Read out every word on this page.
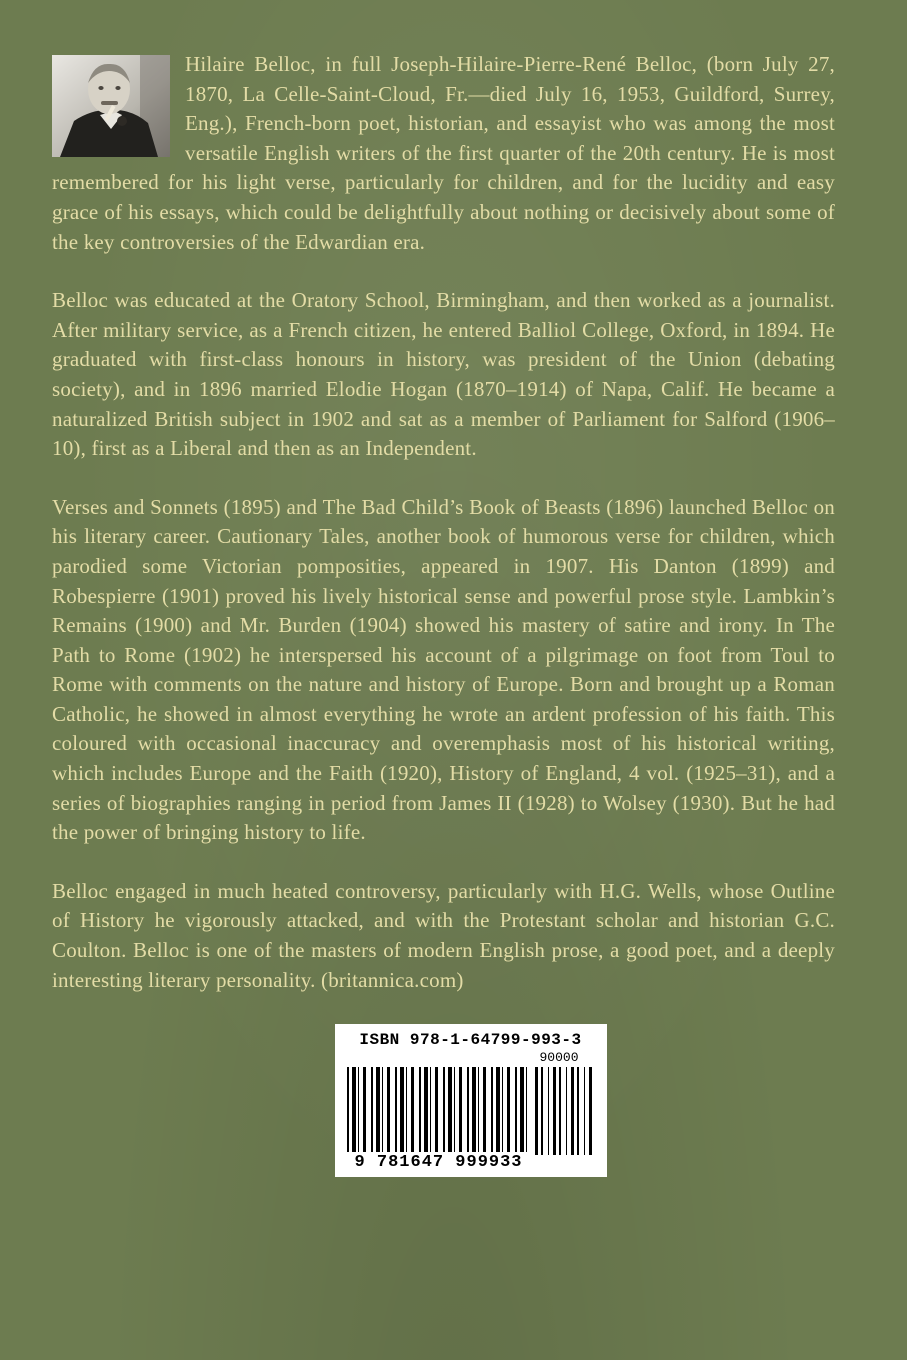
Hilaire Belloc, in full Joseph-Hilaire-Pierre-René Belloc, (born July 27, 1870, La Celle-Saint-Cloud, Fr.—died July 16, 1953, Guildford, Surrey, Eng.), French-born poet, historian, and essayist who was among the most versatile English writers of the first quarter of the 20th century. He is most remembered for his light verse, particularly for children, and for the lucidity and easy grace of his essays, which could be delightfully about nothing or decisively about some of the key controversies of the Edwardian era.

Belloc was educated at the Oratory School, Birmingham, and then worked as a journalist. After military service, as a French citizen, he entered Balliol College, Oxford, in 1894. He graduated with first-class honours in history, was president of the Union (debating society), and in 1896 married Elodie Hogan (1870–1914) of Napa, Calif. He became a naturalized British subject in 1902 and sat as a member of Parliament for Salford (1906–10), first as a Liberal and then as an Independent.

Verses and Sonnets (1895) and The Bad Child’s Book of Beasts (1896) launched Belloc on his literary career. Cautionary Tales, another book of humorous verse for children, which parodied some Victorian pomposities, appeared in 1907. His Danton (1899) and Robespierre (1901) proved his lively historical sense and powerful prose style. Lambkin’s Remains (1900) and Mr. Burden (1904) showed his mastery of satire and irony. In The Path to Rome (1902) he interspersed his account of a pilgrimage on foot from Toul to Rome with comments on the nature and history of Europe. Born and brought up a Roman Catholic, he showed in almost everything he wrote an ardent profession of his faith. This coloured with occasional inaccuracy and overemphasis most of his historical writing, which includes Europe and the Faith (1920), History of England, 4 vol. (1925–31), and a series of biographies ranging in period from James II (1928) to Wolsey (1930). But he had the power of bringing history to life.

Belloc engaged in much heated controversy, particularly with H.G. Wells, whose Outline of History he vigorously attacked, and with the Protestant scholar and historian G.C. Coulton. Belloc is one of the masters of modern English prose, a good poet, and a deeply interesting literary personality. (britannica.com)

ISBN 978-1-64799-993-3
90000
9 781647 999933
